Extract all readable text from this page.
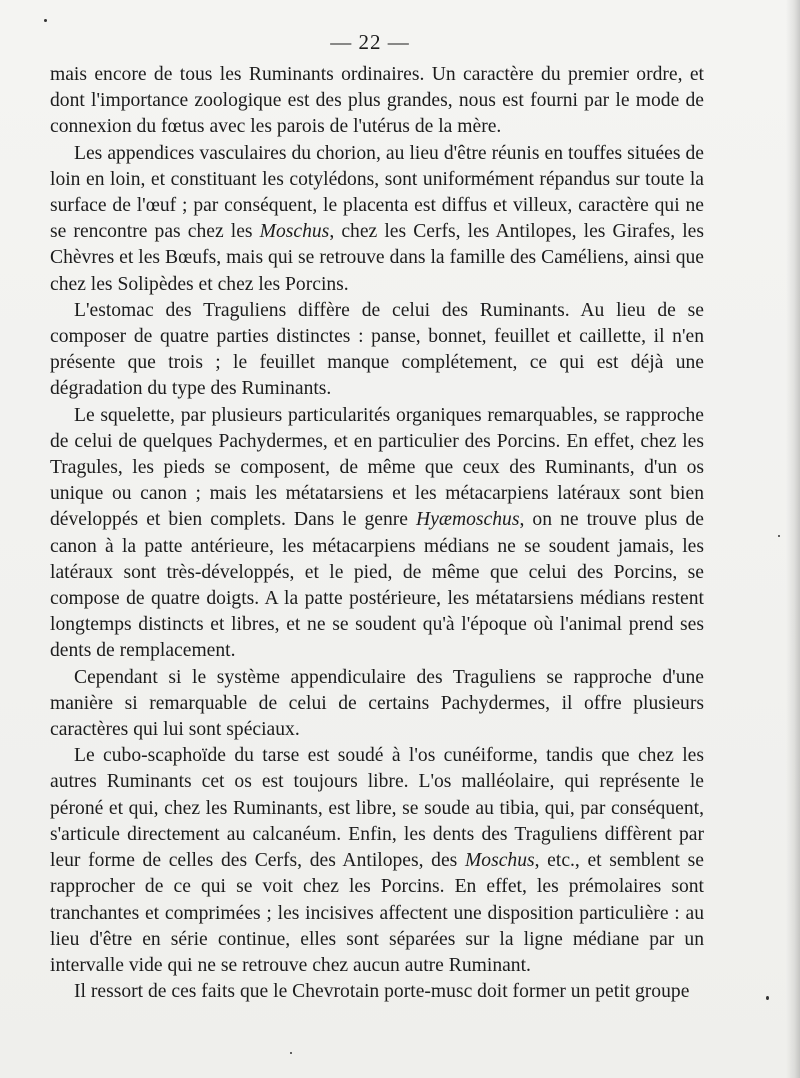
— 22 —

mais encore de tous les Ruminants ordinaires. Un caractère du premier ordre, et dont l'importance zoologique est des plus grandes, nous est fourni par le mode de connexion du fœtus avec les parois de l'utérus de la mère.

Les appendices vasculaires du chorion, au lieu d'être réunis en touffes situées de loin en loin, et constituant les cotylédons, sont uniformément répandus sur toute la surface de l'œuf ; par conséquent, le placenta est diffus et villeux, caractère qui ne se rencontre pas chez les Moschus, chez les Cerfs, les Antilopes, les Girafes, les Chèvres et les Bœufs, mais qui se retrouve dans la famille des Caméliens, ainsi que chez les Solipèdes et chez les Porcins.

L'estomac des Traguliens diffère de celui des Ruminants. Au lieu de se composer de quatre parties distinctes : panse, bonnet, feuillet et caillette, il n'en présente que trois ; le feuillet manque complétement, ce qui est déjà une dégradation du type des Ruminants.

Le squelette, par plusieurs particularités organiques remarquables, se rapproche de celui de quelques Pachydermes, et en particulier des Porcins. En effet, chez les Tragules, les pieds se composent, de même que ceux des Ruminants, d'un os unique ou canon ; mais les métatarsiens et les métacarpiens latéraux sont bien développés et bien complets. Dans le genre Hyæmoschus, on ne trouve plus de canon à la patte antérieure, les métacarpiens médians ne se soudent jamais, les latéraux sont très-développés, et le pied, de même que celui des Porcins, se compose de quatre doigts. A la patte postérieure, les métatarsiens médians restent longtemps distincts et libres, et ne se soudent qu'à l'époque où l'animal prend ses dents de remplacement.

Cependant si le système appendiculaire des Traguliens se rapproche d'une manière si remarquable de celui de certains Pachydermes, il offre plusieurs caractères qui lui sont spéciaux.

Le cubo-scaphoïde du tarse est soudé à l'os cunéiforme, tandis que chez les autres Ruminants cet os est toujours libre. L'os malléolaire, qui représente le péroné et qui, chez les Ruminants, est libre, se soude au tibia, qui, par conséquent, s'articule directement au calcanéum. Enfin, les dents des Traguliens diffèrent par leur forme de celles des Cerfs, des Antilopes, des Moschus, etc., et semblent se rapprocher de ce qui se voit chez les Porcins. En effet, les prémolaires sont tranchantes et comprimées ; les incisives affectent une disposition particulière : au lieu d'être en série continue, elles sont séparées sur la ligne médiane par un intervalle vide qui ne se retrouve chez aucun autre Ruminant.

Il ressort de ces faits que le Chevrotain porte-musc doit former un petit groupe
